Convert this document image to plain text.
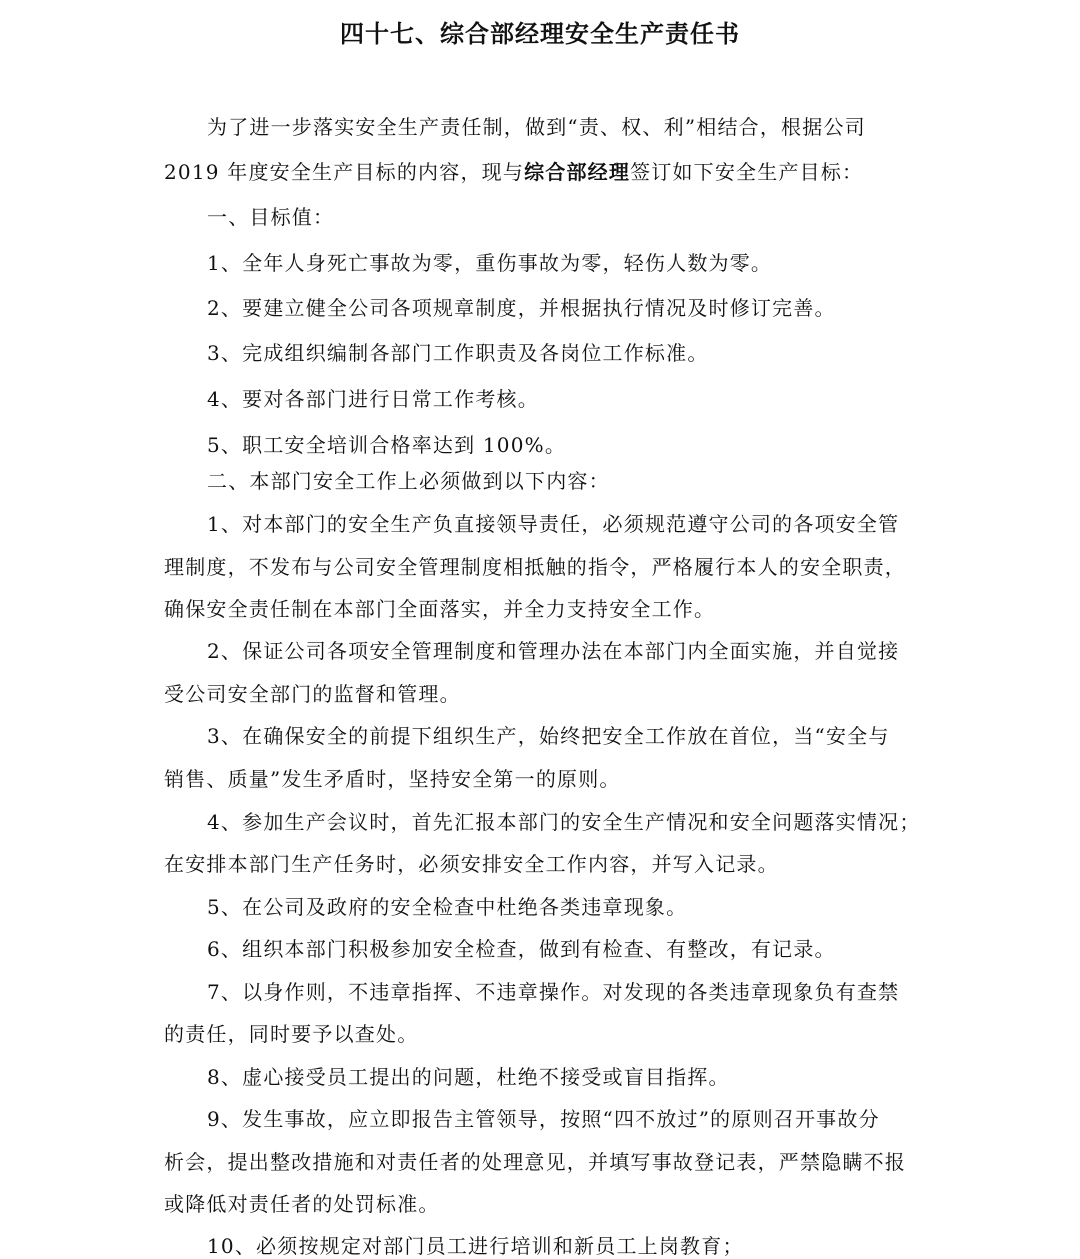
四十七、综合部经理安全生产责任书
为了进一步落实安全生产责任制，做到“责、权、利”相结合，根据公司
2019 年度安全生产目标的内容，现与综合部经理签订如下安全生产目标：
一、目标值：
1、全年人身死亡事故为零，重伤事故为零，轻伤人数为零。
2、要建立健全公司各项规章制度，并根据执行情况及时修订完善。
3、完成组织编制各部门工作职责及各岗位工作标准。
4、要对各部门进行日常工作考核。
5、职工安全培训合格率达到 100%。
二、本部门安全工作上必须做到以下内容：
1、对本部门的安全生产负直接领导责任，必须规范遵守公司的各项安全管
理制度，不发布与公司安全管理制度相抵触的指令，严格履行本人的安全职责，
确保安全责任制在本部门全面落实，并全力支持安全工作。
2、保证公司各项安全管理制度和管理办法在本部门内全面实施，并自觉接
受公司安全部门的监督和管理。
3、在确保安全的前提下组织生产，始终把安全工作放在首位，当“安全与
销售、质量”发生矛盾时，坚持安全第一的原则。
4、参加生产会议时，首先汇报本部门的安全生产情况和安全问题落实情况；
在安排本部门生产任务时，必须安排安全工作内容，并写入记录。
5、在公司及政府的安全检查中杜绝各类违章现象。
6、组织本部门积极参加安全检查，做到有检查、有整改，有记录。
7、以身作则，不违章指挥、不违章操作。对发现的各类违章现象负有查禁
的责任，同时要予以查处。
8、虚心接受员工提出的问题，杜绝不接受或盲目指挥。
9、发生事故，应立即报告主管领导，按照“四不放过”的原则召开事故分
析会，提出整改措施和对责任者的处理意见，并填写事故登记表，严禁隐瞒不报
或降低对责任者的处罚标准。
10、必须按规定对部门员工进行培训和新员工上岗教育；
